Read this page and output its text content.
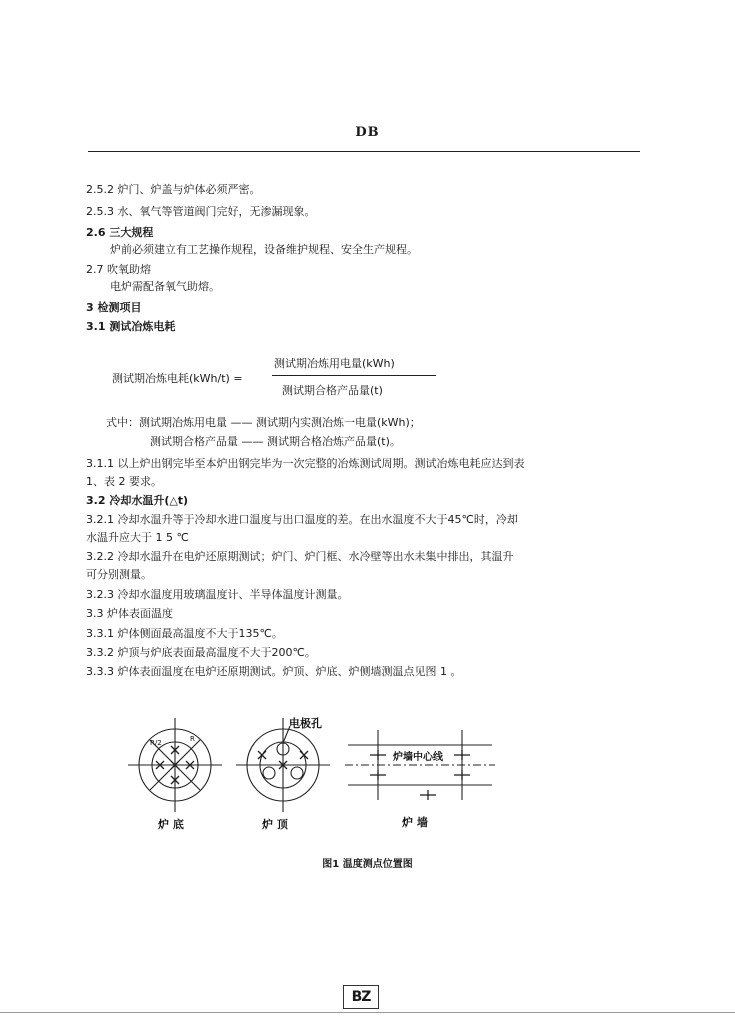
DB
2.5.2 炉门、炉盖与炉体必须严密。
2.5.3 水、氧气等管道阀门完好，无渗漏现象。
2.6 三大规程
炉前必须建立有工艺操作规程，设备维护规程、安全生产规程。
2.7 吹氧助熔
电炉需配备氧气助熔。
3 检测项目
3.1 测试冶炼电耗
测试期冶炼电耗(kWh/t) =
测试期冶炼用电量(kWh)
测试期合格产品量(t)
式中：测试期冶炼用电量 —— 测试期内实测冶炼一电量(kWh)；
测试期合格产品量 —— 测试期合格冶炼产品量(t)。
3.1.1 以上炉出钢完毕至本炉出钢完毕为一次完整的冶炼测试周期。测试冶炼电耗应达到表
1、表 2 要求。
3.2 冷却水温升(△t)
3.2.1 冷却水温升等于冷却水进口温度与出口温度的差。在出水温度不大于45℃时，冷却
水温升应大于 1 5 ℃
3.2.2 冷却水温升在电炉还原期测试；炉门、炉门框、水冷壁等出水未集中排出，其温升
可分别测量。
3.2.3 冷却水温度用玻璃温度计、半导体温度计测量。
3.3 炉体表面温度
3.3.1 炉体侧面最高温度不大于135℃。
3.3.2 炉顶与炉底表面最高温度不大于200℃。
3.3.3 炉体表面温度在电炉还原期测试。炉顶、炉底、炉侧墙测温点见图 1 。
电极孔
炉墙中心线
R/2	R
炉 底	炉 顶	炉 墙
图1 温度测点位置图
BZ
